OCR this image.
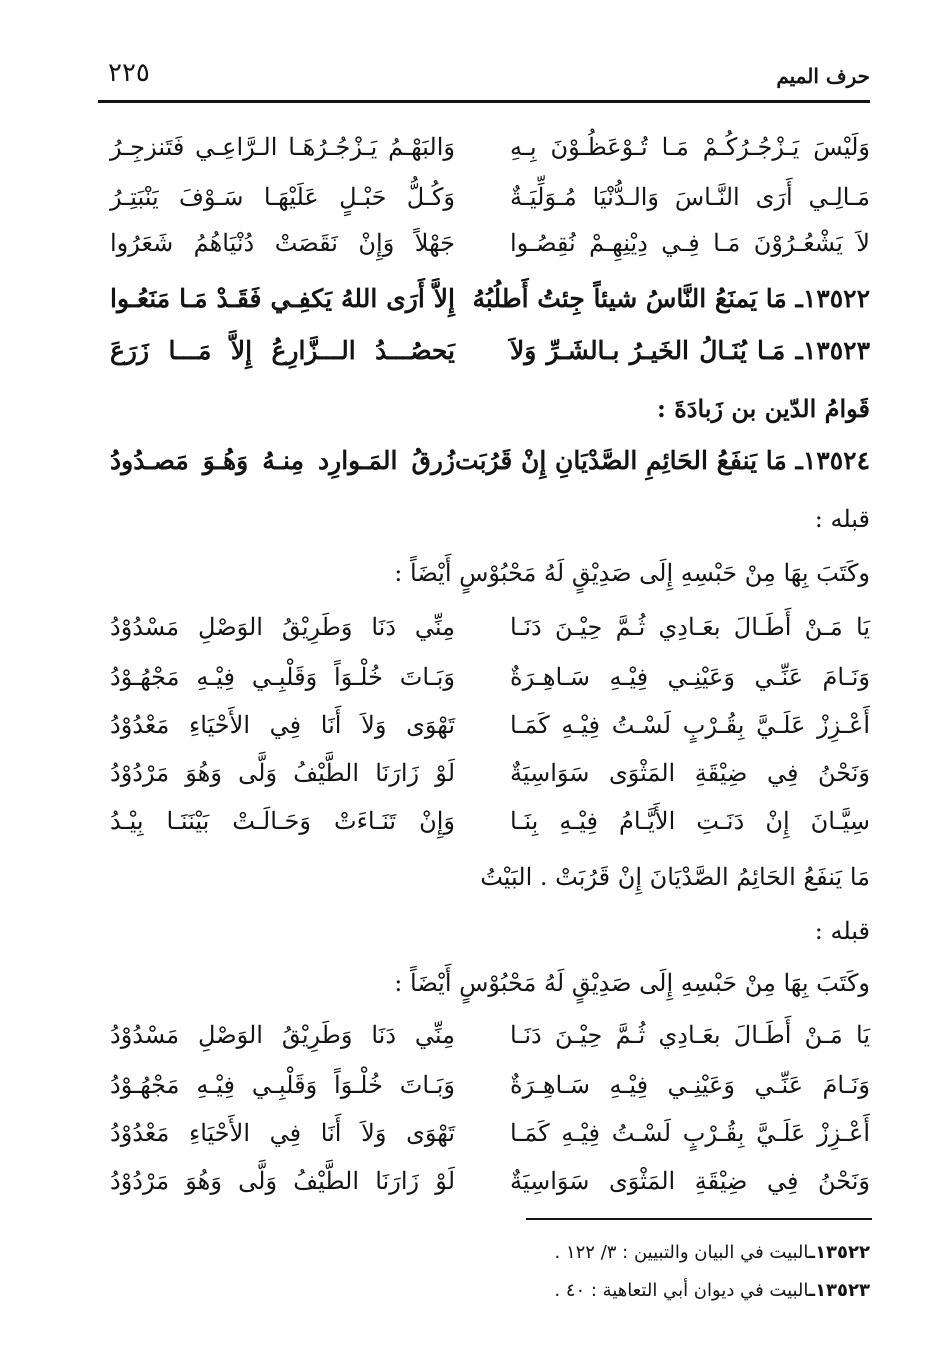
حرف الميم
٢٢٥
وَلَيْسَ يَـزْجُـرُكُـمْ مَـا تُـوْعَظُـوْنَ بِـهِ
وَالبَهْـمُ يَـزْجُـرُهَـا الـرَّاعِـي فَتَنزجِـرُ
مَـالِـي أَرَى النَّـاسَ وَالـدُّنْيَا مُـوَلِّيَـةٌ
وَكُـلُّ حَبْـلٍ عَلَيْهَـا سَـوْفَ يَنْبَتِـرُ
لاَ يَشْعُـرُوْنَ مَـا فِـي دِيْنِهِـمْ نُقِصُـوا
جَهْلاً وَإِنْ نَقَصَتْ دُنْيَاهُمُ شَعَرُوا
١٣٥٢٢ـ مَا يَمنَعُ النَّاسُ شيئاً جِئتُ أَطلُبُهُ
إِلاَّ أَرَى اللهُ يَكفِـي فَقَـدْ مَـا مَنَعُـوا
١٣٥٢٣ـ مَـا يُنَـالُ الخَيـرُ بـالشَـرِّ وَلاَ
يَحصُـــدُ الـــزَّارِعُ إِلاَّ مَـــا زَرَعَ
قَوامُ الدّين بن زَبادَةَ :
١٣٥٢٤ـ مَا يَنفَعُ الحَائِمِ الصَّدْيَانِ إِنْ قَرُبَت
زُرقُ المَـوارِد مِنـهُ وَهُـوَ مَصـدُودُ
قبله :
وكَتَبَ بِهَا مِنْ حَبْسِهِ إِلَى صَدِيْقٍ لَهُ مَحْبُوْسٍ أَيْضَاً :
يَا مَـنْ أَطَـالَ بعَـادِي ثُـمَّ حِيْـنَ دَنَـا
مِنِّي دَنَا وَطَرِيْقُ الوَصْلِ مَسْدُوْدُ
وَنَـامَ عَنِّـي وَعَيْنِـي فِيْـهِ سَـاهِـرَةٌ
وَبَـاتَ خُلْـوَاً وَقَلْبِـي فِيْـهِ مَجْهُـوْدُ
أَعْـزِزْ عَلَـيَّ بِقُـرْبٍ لَسْـتُ فِيْـهِ كَمَـا
تَهْوَى وَلاَ أَنَا فِي الأَحْيَاءِ مَعْدُوْدُ
وَنَحْنُ فِي ضِيْقَةِ المَثْوَى سَوَاسِيَةٌ
لَوْ زَارَنَا الطَّيْفُ وَلَّى وَهُوَ مَرْدُوْدُ
سِيَّـانَ إِنْ دَنَـتِ الأَيَّـامُ فِيْـهِ بِنَـا
وَإِنْ تَنَـاءَتْ وَحَـالَـتْ بَيْنَنَـا بِيْـدُ
مَا يَنفَعُ الحَائِمُ الصَّدْيَانَ إِنْ قَرُبَتْ . البَيْتُ
قبله :
وكَتَبَ بِهَا مِنْ حَبْسِهِ إِلَى صَدِيْقٍ لَهُ مَحْبُوْسٍ أَيْضَاً :
يَا مَـنْ أَطَـالَ بعَـادِي ثُـمَّ حِيْـنَ دَنَـا
مِنِّي دَنَا وَطَرِيْقُ الوَصْلِ مَسْدُوْدُ
وَنَـامَ عَنِّـي وَعَيْنِـي فِيْـهِ سَـاهِـرَةٌ
وَبَـاتَ خُلْـوَاً وَقَلْبِـي فِيْـهِ مَجْهُـوْدُ
أَعْـزِزْ عَلَـيَّ بِقُـرْبٍ لَسْـتُ فِيْـهِ كَمَـا
تَهْوَى وَلاَ أَنَا فِي الأَحْيَاءِ مَعْدُوْدُ
وَنَحْنُ فِي ضِيْقَةِ المَثْوَى سَوَاسِيَةٌ
لَوْ زَارَنَا الطَّيْفُ وَلَّى وَهُوَ مَرْدُوْدُ
١٣٥٢٢ـالبيت في البيان والتبيين : ٣/ ١٢٢ .
١٣٥٢٣ـالبيت في ديوان أبي التعاهية : ٤٠ .
